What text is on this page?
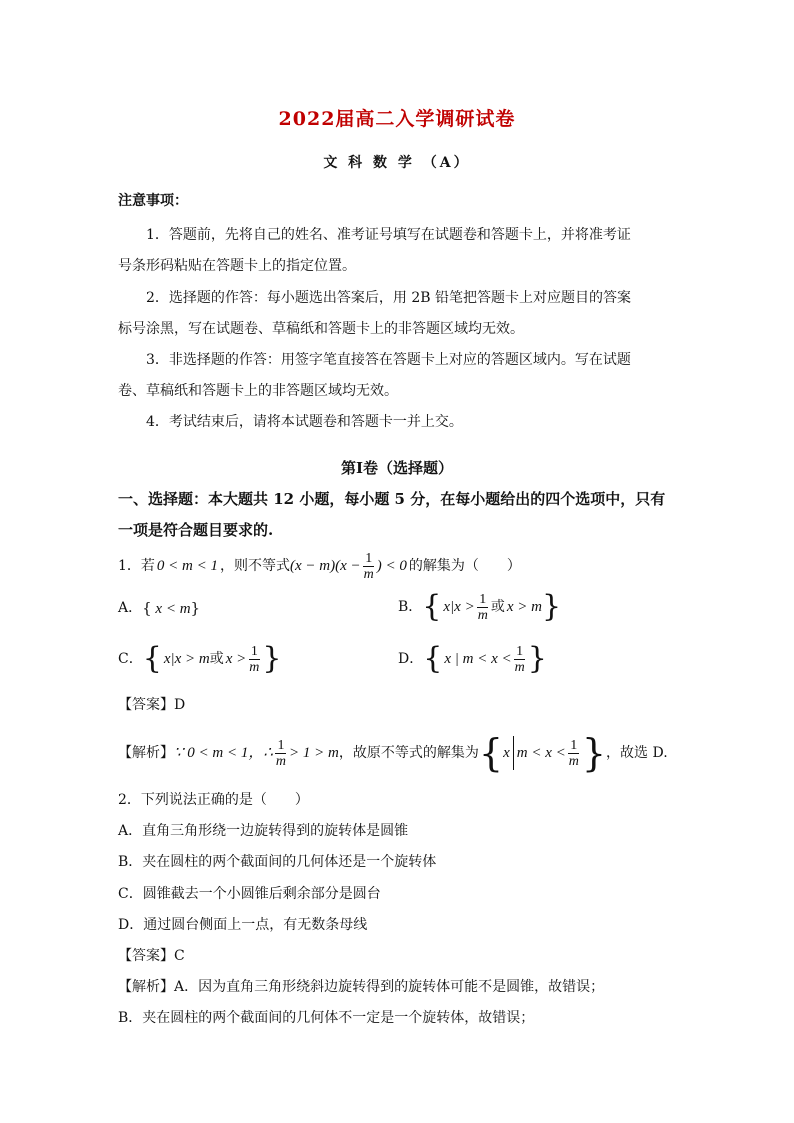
2022届高二入学调研试卷
文 科 数 学 （A）
注意事项：
1．答题前，先将自己的姓名、准考证号填写在试题卷和答题卡上，并将准考证
号条形码粘贴在答题卡上的指定位置。
2．选择题的作答：每小题选出答案后，用 2B 铅笔把答题卡上对应题目的答案
标号涂黑，写在试题卷、草稿纸和答题卡上的非答题区域均无效。
3．非选择题的作答：用签字笔直接答在答题卡上对应的答题区域内。写在试题
卷、草稿纸和答题卡上的非答题区域均无效。
4．考试结束后，请将本试题卷和答题卡一并上交。
第Ⅰ卷（选择题）
一、选择题：本大题共 12 小题，每小题 5 分，在每小题给出的四个选项中，只有
一项是符合题目要求的.
1．若 0 < m < 1 ，则不等式 $(x - m)(x - \frac{1}{m}$ ) < 0 的解集为（　　）
A． { x < m}	B． { $x|x > \frac{1}{m}$ 或 x > m }
C． { x|x > m 或 $x > \frac{1}{m}$ }	D． { x | $m < x < \frac{1}{m}$ }
【答案】D
【解析】 ∵ 0 < m < 1，∴ $\frac{1}{m} > 1 > m$ ，故原不等式的解集为 { x $m < x < \frac{1}{m}$ } ，故选 D.
2．下列说法正确的是（　　）
A．直角三角形绕一边旋转得到的旋转体是圆锥
B．夹在圆柱的两个截面间的几何体还是一个旋转体
C．圆锥截去一个小圆锥后剩余部分是圆台
D．通过圆台侧面上一点，有无数条母线
【答案】C
【解析】A．因为直角三角形绕斜边旋转得到的旋转体可能不是圆锥，故错误；
B．夹在圆柱的两个截面间的几何体不一定是一个旋转体，故错误；
